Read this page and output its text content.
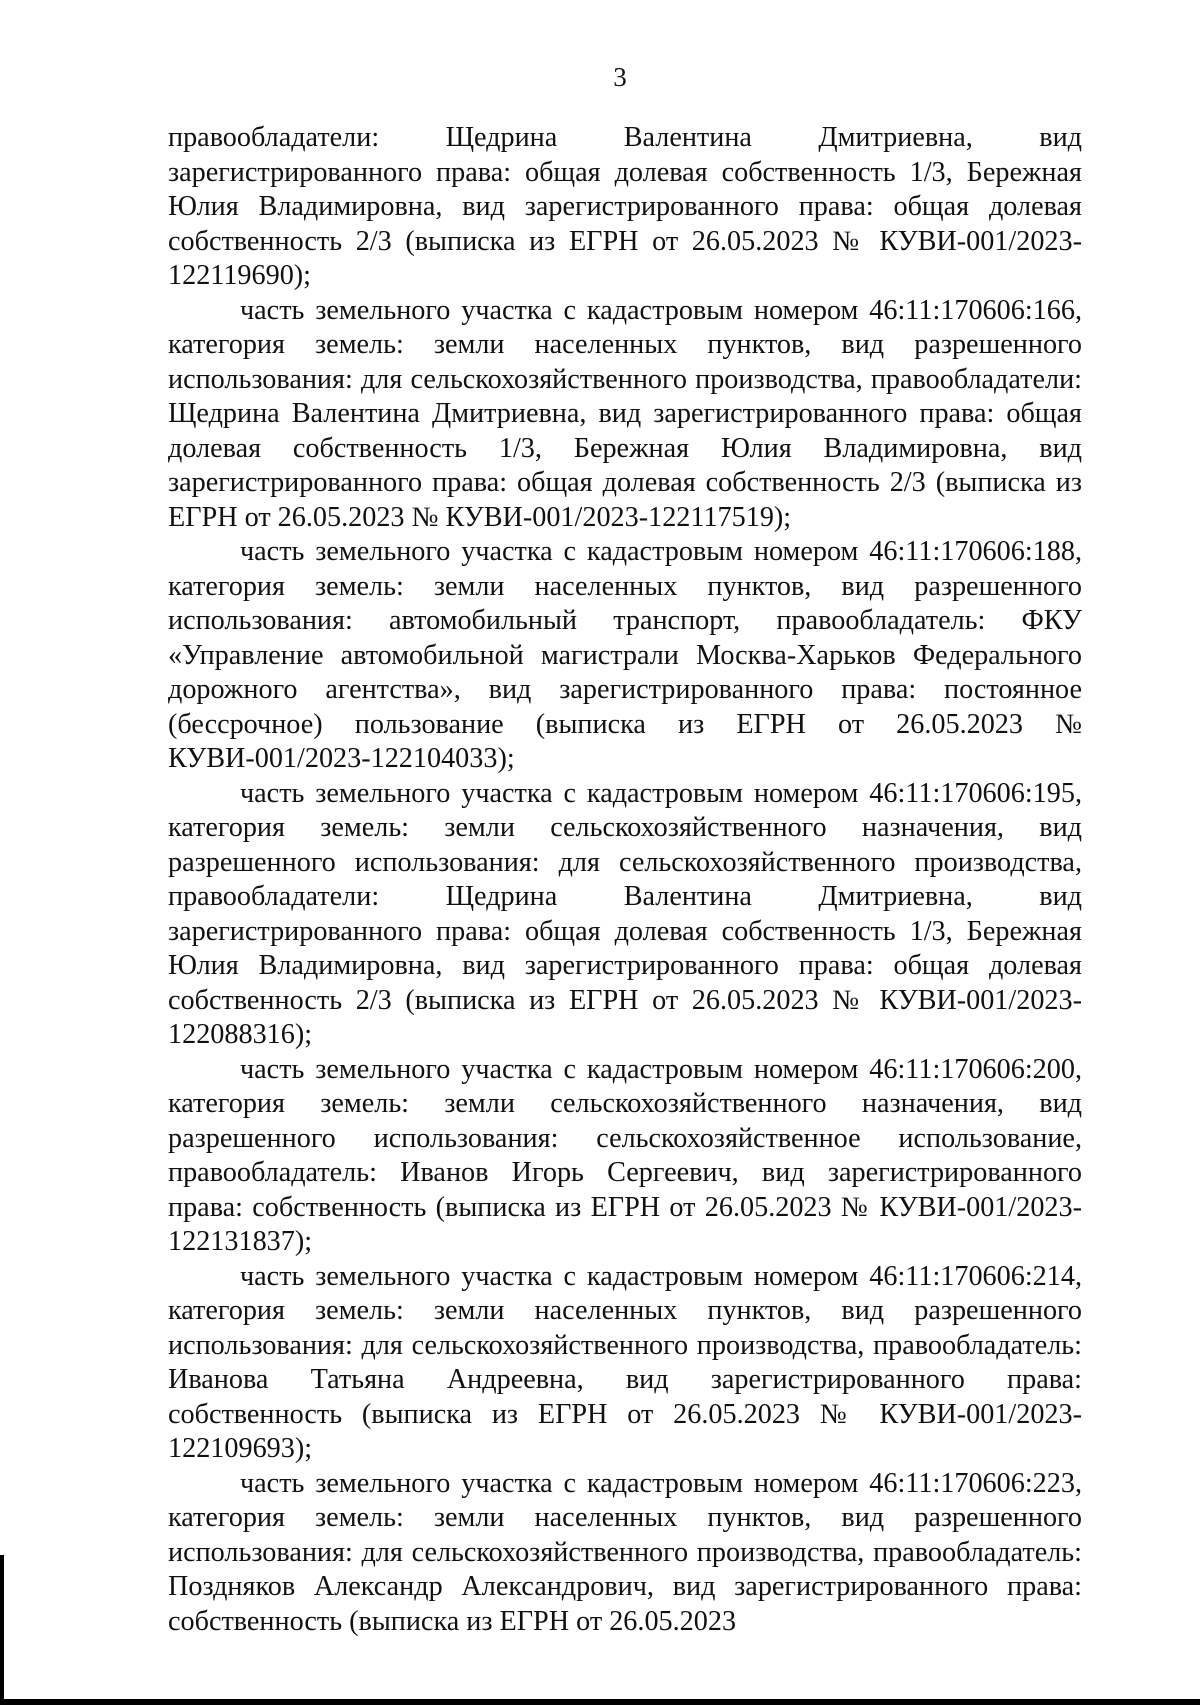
3

правообладатели: Щедрина Валентина Дмитриевна, вид зарегистрированного права: общая долевая собственность 1/3, Бережная Юлия Владимировна, вид зарегистрированного права: общая долевая собственность 2/3 (выписка из ЕГРН от 26.05.2023 № КУВИ-001/2023-122119690);

часть земельного участка с кадастровым номером 46:11:170606:166, категория земель: земли населенных пунктов, вид разрешенного использования: для сельскохозяйственного производства, правообладатели: Щедрина Валентина Дмитриевна, вид зарегистрированного права: общая долевая собственность 1/3, Бережная Юлия Владимировна, вид зарегистрированного права: общая долевая собственность 2/3 (выписка из ЕГРН от 26.05.2023 № КУВИ-001/2023-122117519);

часть земельного участка с кадастровым номером 46:11:170606:188, категория земель: земли населенных пунктов, вид разрешенного использования: автомобильный транспорт, правообладатель: ФКУ «Управление автомобильной магистрали Москва-Харьков Федерального дорожного агентства», вид зарегистрированного права: постоянное (бессрочное) пользование (выписка из ЕГРН от 26.05.2023 № КУВИ-001/2023-122104033);

часть земельного участка с кадастровым номером 46:11:170606:195, категория земель: земли сельскохозяйственного назначения, вид разрешенного использования: для сельскохозяйственного производства, правообладатели: Щедрина Валентина Дмитриевна, вид зарегистрированного права: общая долевая собственность 1/3, Бережная Юлия Владимировна, вид зарегистрированного права: общая долевая собственность 2/3 (выписка из ЕГРН от 26.05.2023 № КУВИ-001/2023-122088316);

часть земельного участка с кадастровым номером 46:11:170606:200, категория земель: земли сельскохозяйственного назначения, вид разрешенного использования: сельскохозяйственное использование, правообладатель: Иванов Игорь Сергеевич, вид зарегистрированного права: собственность (выписка из ЕГРН от 26.05.2023 № КУВИ-001/2023-122131837);

часть земельного участка с кадастровым номером 46:11:170606:214, категория земель: земли населенных пунктов, вид разрешенного использования: для сельскохозяйственного производства, правообладатель: Иванова Татьяна Андреевна, вид зарегистрированного права: собственность (выписка из ЕГРН от 26.05.2023 № КУВИ-001/2023-122109693);

часть земельного участка с кадастровым номером 46:11:170606:223, категория земель: земли населенных пунктов, вид разрешенного использования: для сельскохозяйственного производства, правообладатель: Поздняков Александр Александрович, вид зарегистрированного права: собственность (выписка из ЕГРН от 26.05.2023
